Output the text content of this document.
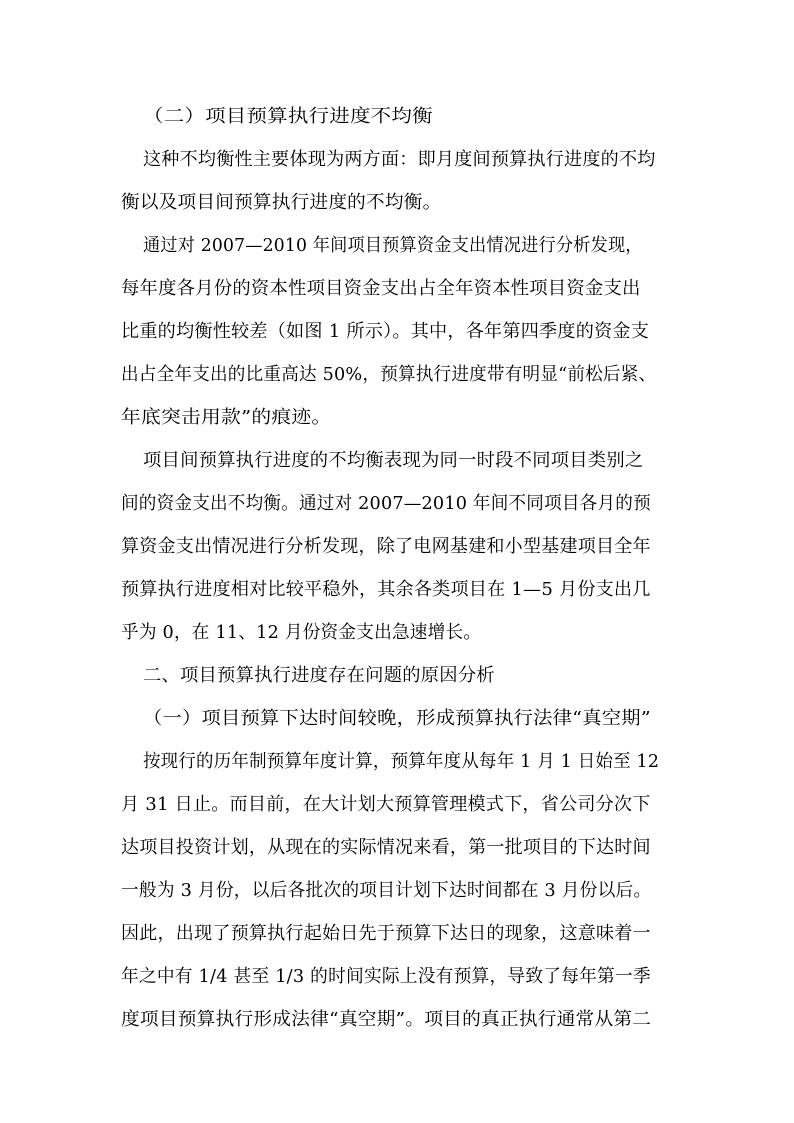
（二）项目预算执行进度不均衡
这种不均衡性主要体现为两方面：即月度间预算执行进度的不均
衡以及项目间预算执行进度的不均衡。
通过对 2007—2010 年间项目预算资金支出情况进行分析发现，
每年度各月份的资本性项目资金支出占全年资本性项目资金支出
比重的均衡性较差（如图 1 所示）。其中，各年第四季度的资金支
出占全年支出的比重高达 50%，预算执行进度带有明显“前松后紧、
年底突击用款”的痕迹。
项目间预算执行进度的不均衡表现为同一时段不同项目类别之
间的资金支出不均衡。通过对 2007—2010 年间不同项目各月的预
算资金支出情况进行分析发现，除了电网基建和小型基建项目全年
预算执行进度相对比较平稳外，其余各类项目在 1—5 月份支出几
乎为 0，在 11、12 月份资金支出急速增长。
二、项目预算执行进度存在问题的原因分析
（一）项目预算下达时间较晚，形成预算执行法律“真空期”
按现行的历年制预算年度计算，预算年度从每年 1 月 1 日始至 12
月 31 日止。而目前，在大计划大预算管理模式下，省公司分次下
达项目投资计划，从现在的实际情况来看，第一批项目的下达时间
一般为 3 月份，以后各批次的项目计划下达时间都在 3 月份以后。
因此，出现了预算执行起始日先于预算下达日的现象，这意味着一
年之中有 1/4 甚至 1/3 的时间实际上没有预算，导致了每年第一季
度项目预算执行形成法律“真空期”。项目的真正执行通常从第二
